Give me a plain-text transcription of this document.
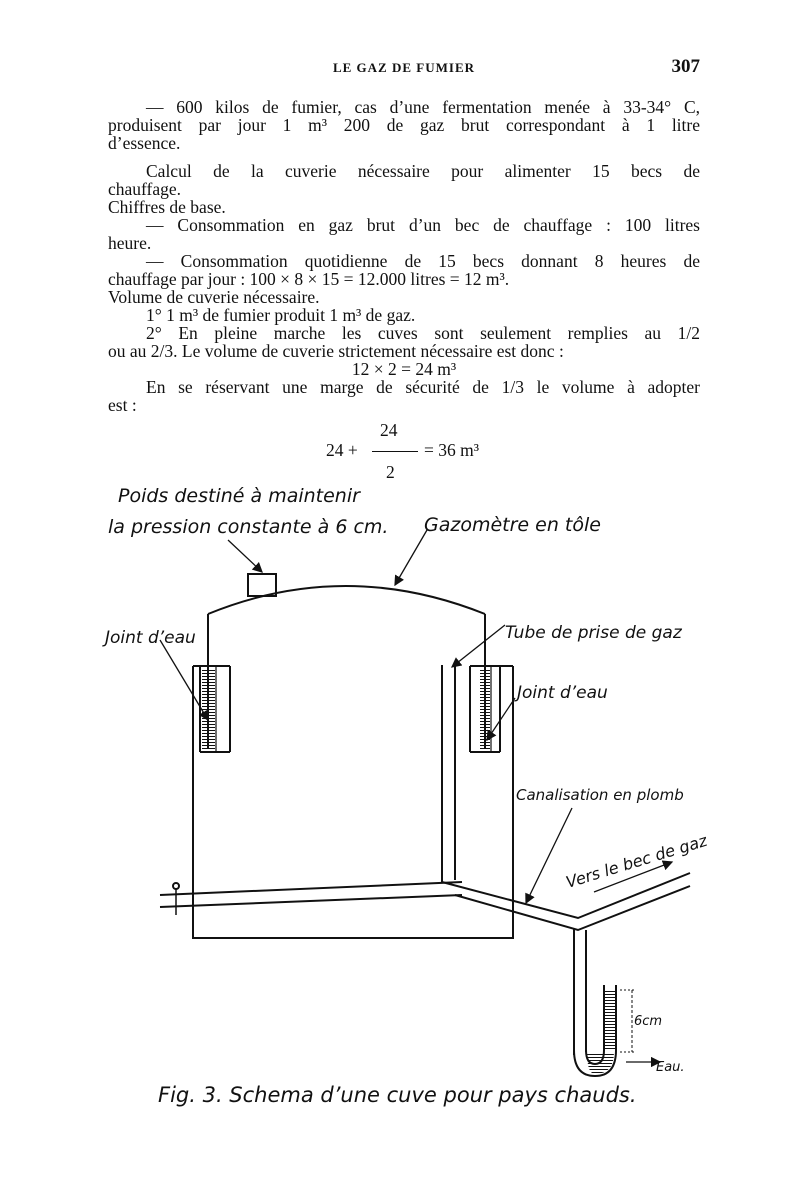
LE GAZ DE FUMIER	307
— 600 kilos de fumier, cas d’une fermentation menée à 33-34° C,
produisent par jour 1 m³ 200 de gaz brut correspondant à 1 litre
d’essence.
Calcul de la cuverie nécessaire pour alimenter 15 becs de
chauffage.
Chiffres de base.
— Consommation en gaz brut d’un bec de chauffage : 100 litres
heure.
— Consommation quotidienne de 15 becs donnant 8 heures de
chauffage par jour : 100 × 8 × 15 = 12.000 litres = 12 m³.
Volume de cuverie nécessaire.
1° 1 m³ de fumier produit 1 m³ de gaz.
2° En pleine marche les cuves sont seulement remplies au 1/2
ou au 2/3. Le volume de cuverie strictement nécessaire est donc :
12 × 2 = 24 m³
En se réservant une marge de sécurité de 1/3 le volume à adopter
est :
24
24 +	= 36 m³
2
Poids destiné à maintenir
la pression constante à 6 cm. Gazomètre en tôle
Joint d’eau	Tube de prise de gaz
Joint d’eau
Canalisation en plomb
Vers le bec de gaz
6cm
Eau.
Fig. 3. Schema d’une cuve pour pays chauds.
